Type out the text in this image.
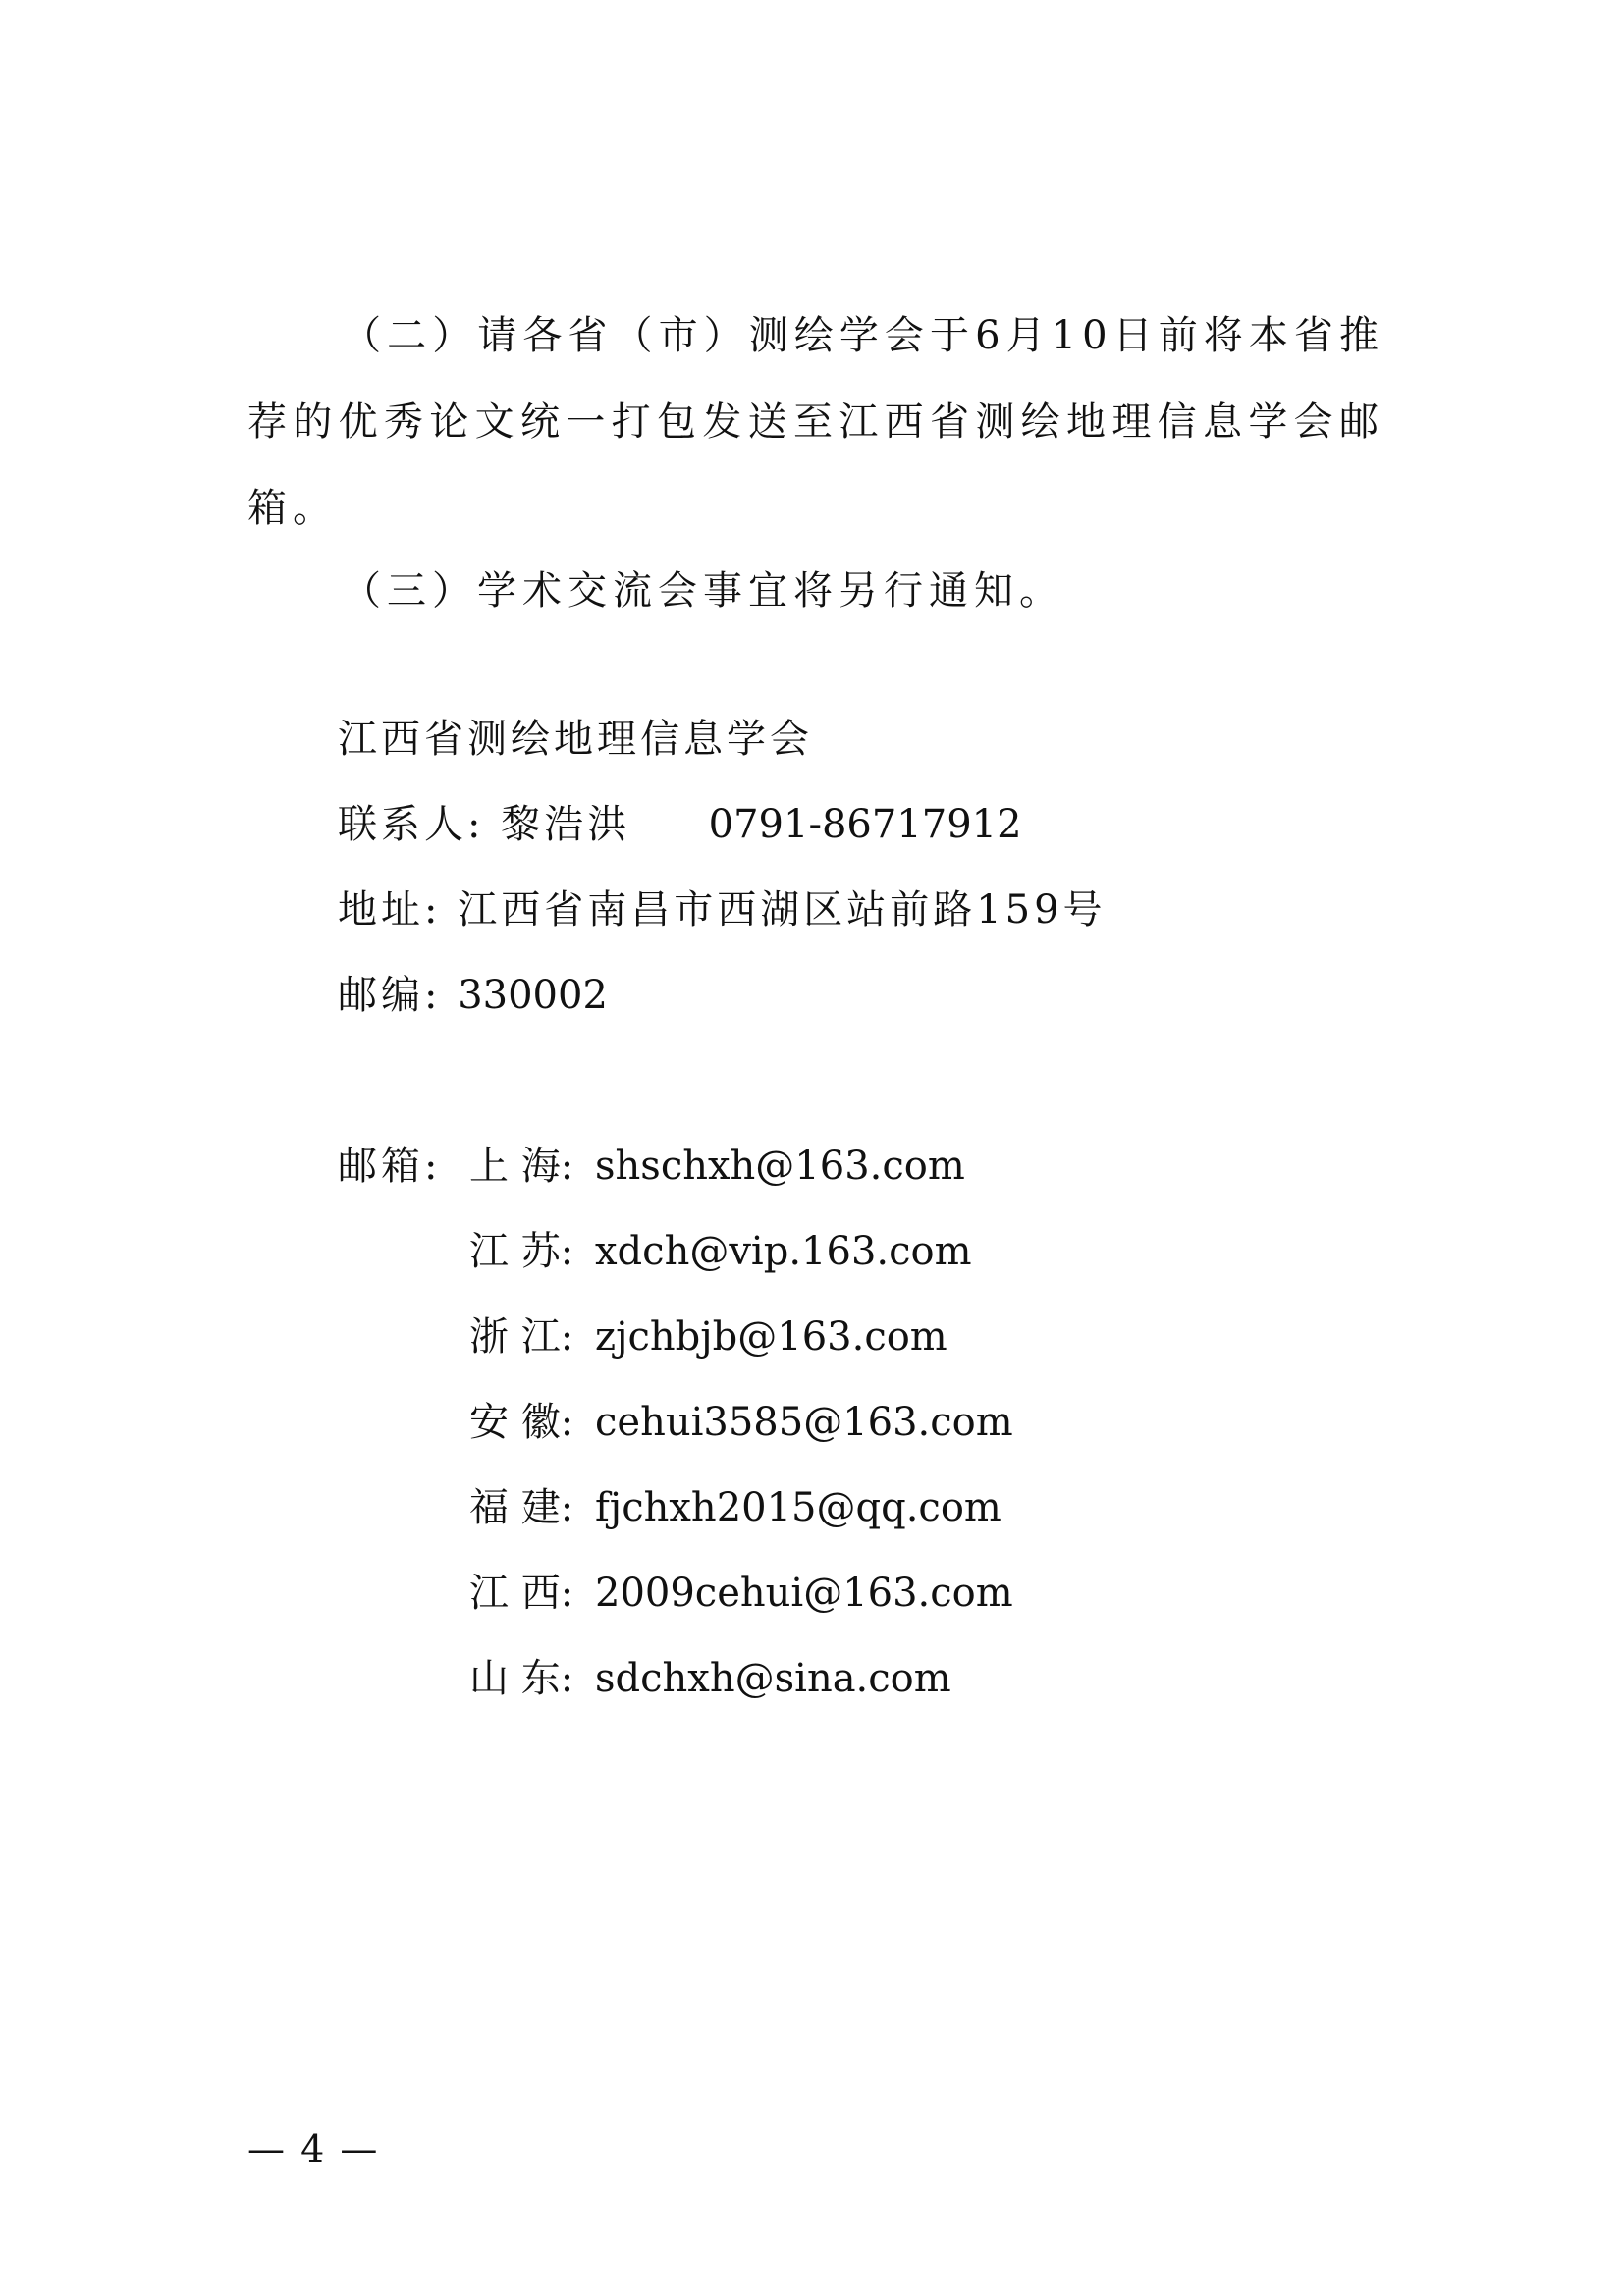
（二）请各省（市）测绘学会于6月10日前将本省推荐的优秀论文统一打包发送至江西省测绘地理信息学会邮箱。

（三）学术交流会事宜将另行通知。

江西省测绘地理信息学会
联系人: 黎浩洪 0791-86717912
地址: 江西省南昌市西湖区站前路159号
邮编: 330002
邮箱: 上 海: shschxh@163.com
江 苏: xdch@vip.163.com
浙 江: zjchbjb@163.com
安 徽: cehui3585@163.com
福 建: fjchxh2015@qq.com
江 西: 2009cehui@163.com
山 东: sdchxh@sina.com
— 4 —
